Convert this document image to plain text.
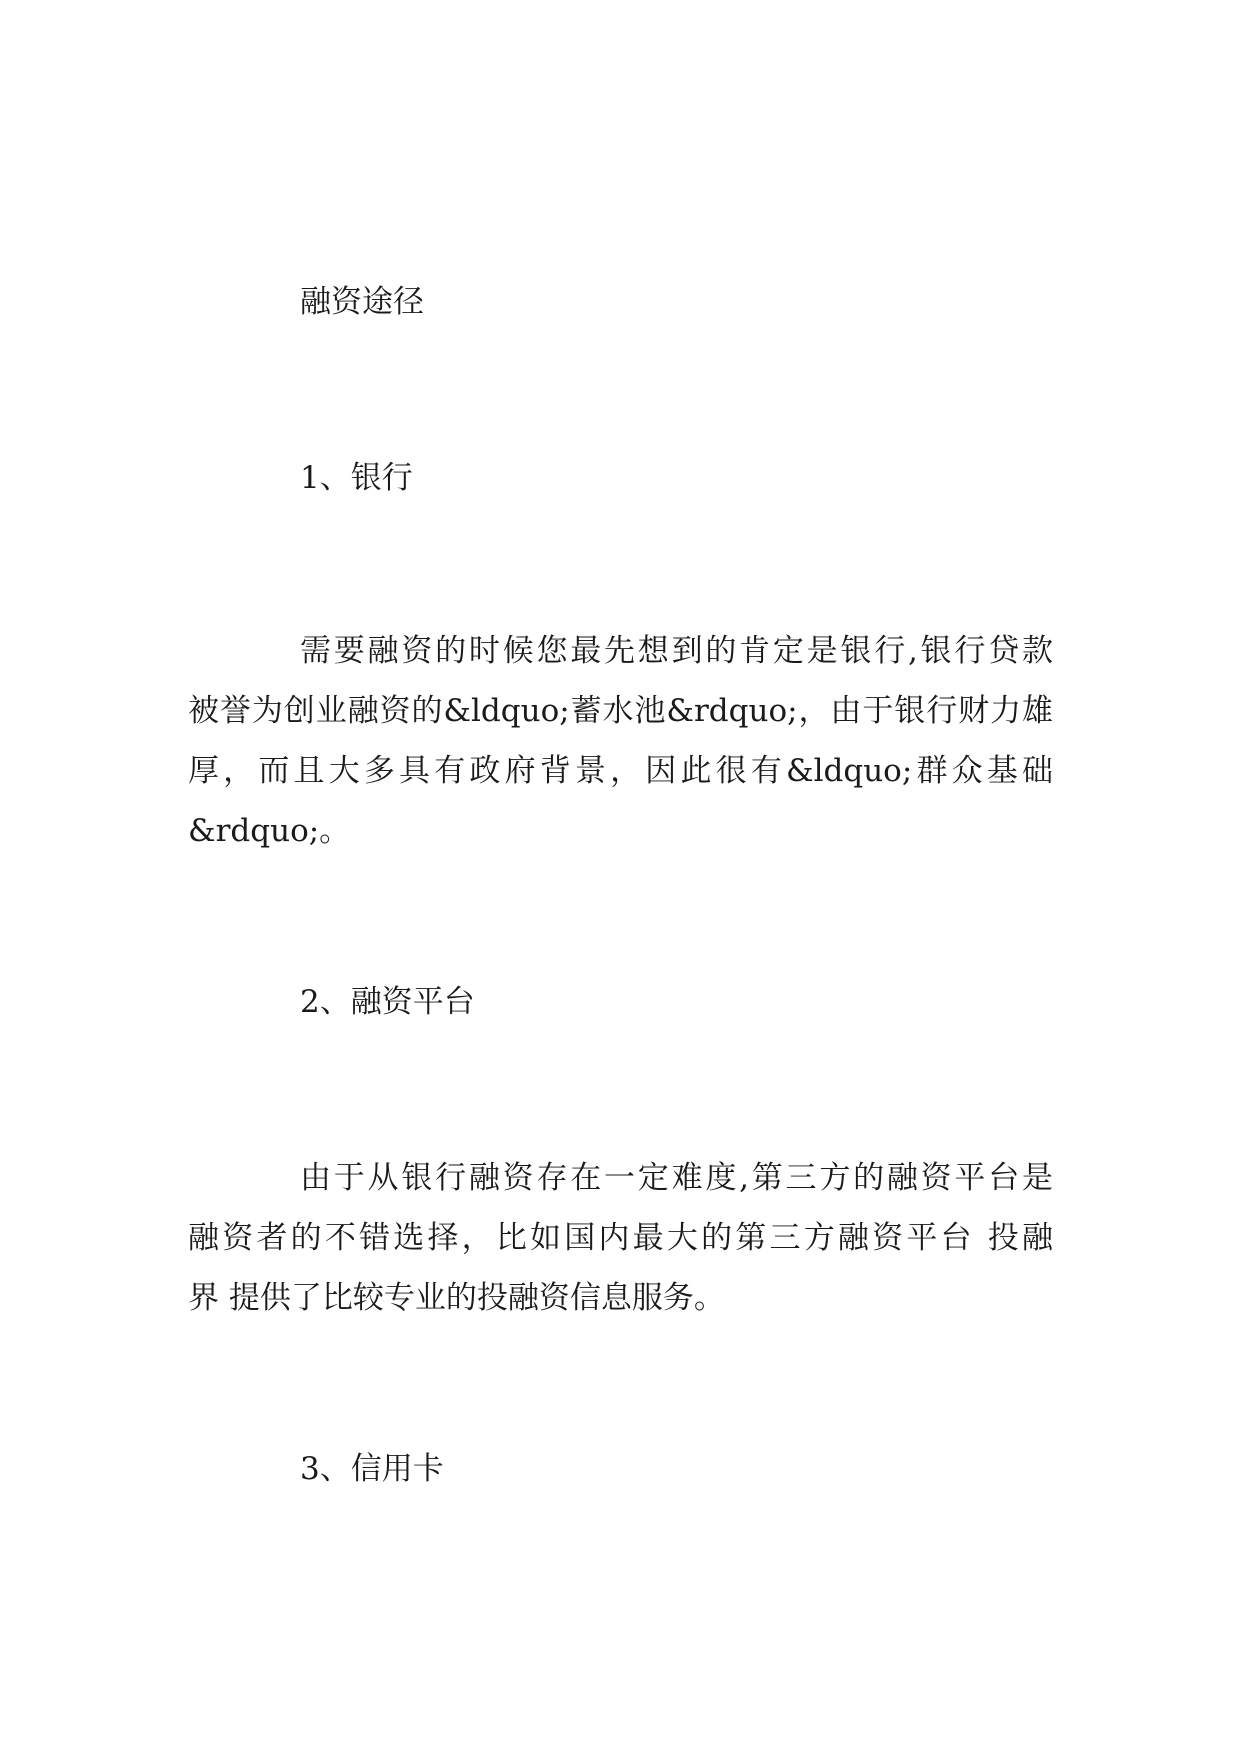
融资途径
1、银行
需要融资的时候您最先想到的肯定是银行,银行贷款
被誉为创业融资的&ldquo;蓄水池&rdquo;，由于银行财力雄
厚，而且大多具有政府背景，因此很有&ldquo;群众基础
&rdquo;。
2、融资平台
由于从银行融资存在一定难度,第三方的融资平台是
融资者的不错选择，比如国内最大的第三方融资平台 投融
界 提供了比较专业的投融资信息服务。
3、信用卡
